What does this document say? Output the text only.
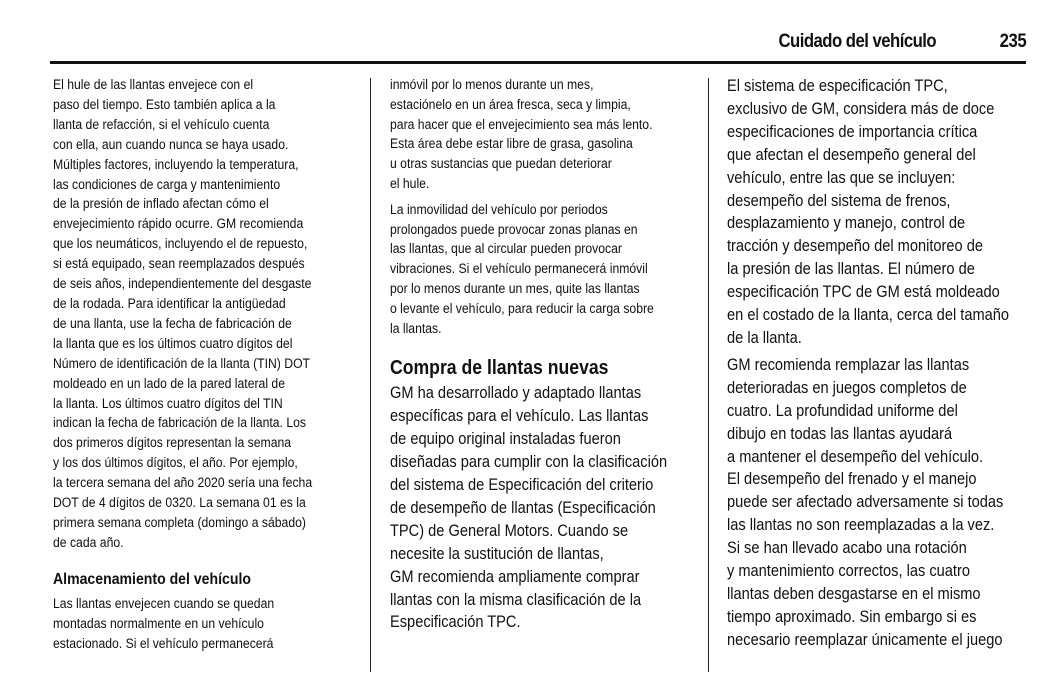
Cuidado del vehículo	235
El hule de las llantas envejece con el
paso del tiempo. Esto también aplica a la
llanta de refacción, si el vehículo cuenta
con ella, aun cuando nunca se haya usado.
Múltiples factores, incluyendo la temperatura,
las condiciones de carga y mantenimiento
de la presión de inflado afectan cómo el
envejecimiento rápido ocurre. GM recomienda
que los neumáticos, incluyendo el de repuesto,
si está equipado, sean reemplazados después
de seis años, independientemente del desgaste
de la rodada. Para identificar la antigüedad
de una llanta, use la fecha de fabricación de
la llanta que es los últimos cuatro dígitos del
Número de identificación de la llanta (TIN) DOT
moldeado en un lado de la pared lateral de
la llanta. Los últimos cuatro dígitos del TIN
indican la fecha de fabricación de la llanta. Los
dos primeros dígitos representan la semana
y los dos últimos dígitos, el año. Por ejemplo,
la tercera semana del año 2020 sería una fecha
DOT de 4 dígitos de 0320. La semana 01 es la
primera semana completa (domingo a sábado)
de cada año.
Almacenamiento del vehículo
Las llantas envejecen cuando se quedan
montadas normalmente en un vehículo
estacionado. Si el vehículo permanecerá
inmóvil por lo menos durante un mes,
estaciónelo en un área fresca, seca y limpia,
para hacer que el envejecimiento sea más lento.
Esta área debe estar libre de grasa, gasolina
u otras sustancias que puedan deteriorar
el hule.
La inmovilidad del vehículo por periodos
prolongados puede provocar zonas planas en
las llantas, que al circular pueden provocar
vibraciones. Si el vehículo permanecerá inmóvil
por lo menos durante un mes, quite las llantas
o levante el vehículo, para reducir la carga sobre
la llantas.
Compra de llantas nuevas
GM ha desarrollado y adaptado llantas
específicas para el vehículo. Las llantas
de equipo original instaladas fueron
diseñadas para cumplir con la clasificación
del sistema de Especificación del criterio
de desempeño de llantas (Especificación
TPC) de General Motors. Cuando se
necesite la sustitución de llantas,
GM recomienda ampliamente comprar
llantas con la misma clasificación de la
Especificación TPC.
El sistema de especificación TPC,
exclusivo de GM, considera más de doce
especificaciones de importancia crítica
que afectan el desempeño general del
vehículo, entre las que se incluyen:
desempeño del sistema de frenos,
desplazamiento y manejo, control de
tracción y desempeño del monitoreo de
la presión de las llantas. El número de
especificación TPC de GM está moldeado
en el costado de la llanta, cerca del tamaño
de la llanta.
GM recomienda remplazar las llantas
deterioradas en juegos completos de
cuatro. La profundidad uniforme del
dibujo en todas las llantas ayudará
a mantener el desempeño del vehículo.
El desempeño del frenado y el manejo
puede ser afectado adversamente si todas
las llantas no son reemplazadas a la vez.
Si se han llevado acabo una rotación
y mantenimiento correctos, las cuatro
llantas deben desgastarse en el mismo
tiempo aproximado. Sin embargo si es
necesario reemplazar únicamente el juego
